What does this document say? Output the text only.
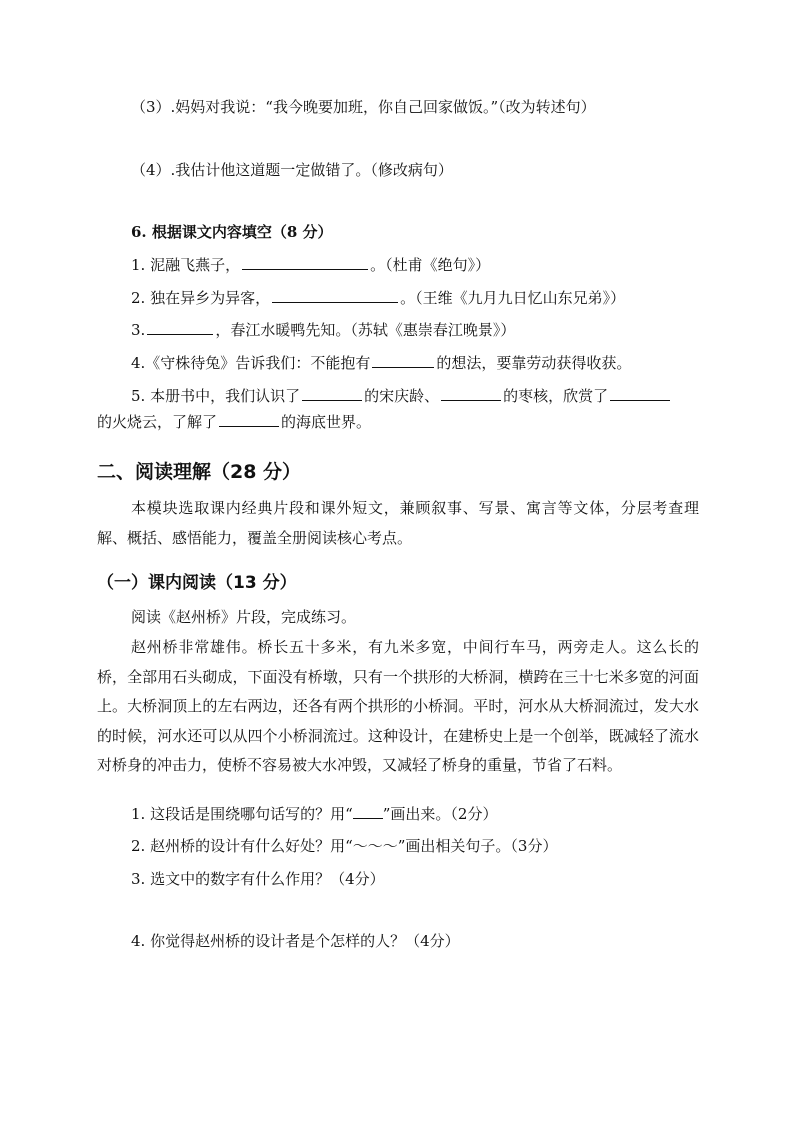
（3）.妈妈对我说：“我今晚要加班，你自己回家做饭。”（改为转述句）
（4）.我估计他这道题一定做错了。（修改病句）
6. 根据课文内容填空（8 分）
1. 泥融飞燕子，	。（杜甫《绝句》）
2. 独在异乡为异客，	。（王维《九月九日忆山东兄弟》）
3.	，春江水暖鸭先知。（苏轼《惠崇春江晚景》）
4.《守株待兔》告诉我们：不能抱有	的想法，要靠劳动获得收获。
5. 本册书中，我们认识了	的宋庆龄、	的枣核，欣赏了
的火烧云，了解了	的海底世界。
二、阅读理解（28 分）
本模块选取课内经典片段和课外短文，兼顾叙事、写景、寓言等文体，分层考查理解、概括、感悟能力，覆盖全册阅读核心考点。
（一）课内阅读（13 分）
阅读《赵州桥》片段，完成练习。
赵州桥非常雄伟。桥长五十多米，有九米多宽，中间行车马，两旁走人。这么长的桥，全部用石头砌成，下面没有桥墩，只有一个拱形的大桥洞，横跨在三十七米多宽的河面上。大桥洞顶上的左右两边，还各有两个拱形的小桥洞。平时，河水从大桥洞流过，发大水的时候，河水还可以从四个小桥洞流过。这种设计，在建桥史上是一个创举，既减轻了流水对桥身的冲击力，使桥不容易被大水冲毁，又减轻了桥身的重量，节省了石料。
1. 这段话是围绕哪句话写的？用“ ”画出来。（2分）
2. 赵州桥的设计有什么好处？用“～～～”画出相关句子。（3分）
3. 选文中的数字有什么作用？（4分）
4. 你觉得赵州桥的设计者是个怎样的人？（4分）
